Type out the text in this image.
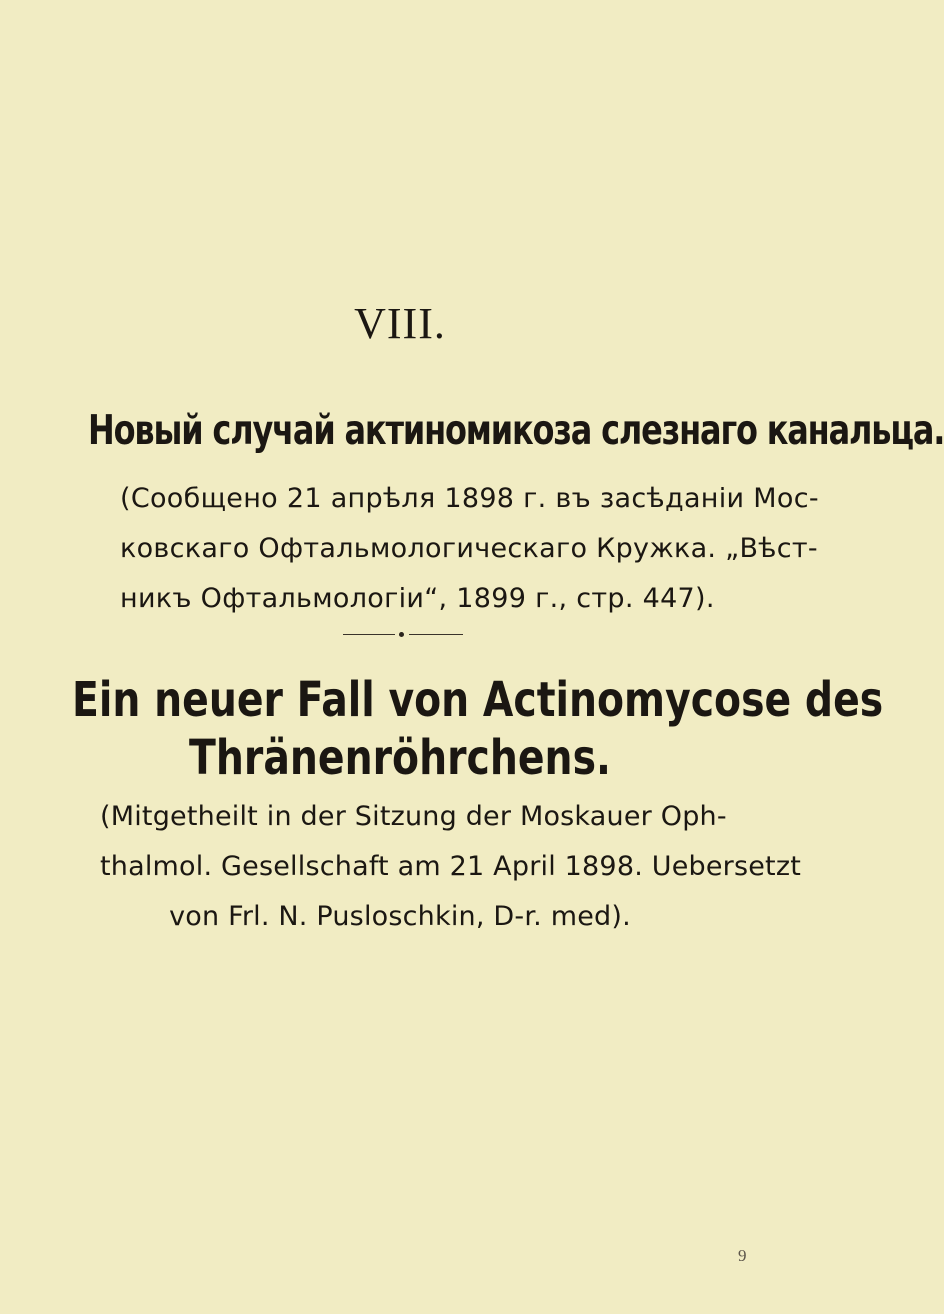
VIII.
Новый случай актиномикоза слезнаго канальца.
(Сообщено 21 апрѣля 1898 г. въ засѣданіи Мос-
ковскаго Офтальмологическаго Кружка. „Вѣст-
никъ Офтальмологіи“, 1899 г., стр. 447).
Ein neuer Fall von Actinomycose des
Thränenröhrchens.
(Mitgetheilt in der Sitzung der Moskauer Oph-
thalmol. Gesellschaft am 21 April 1898. Uebersetzt
von Frl. N. Pusloschkin, D-r. med).
9
